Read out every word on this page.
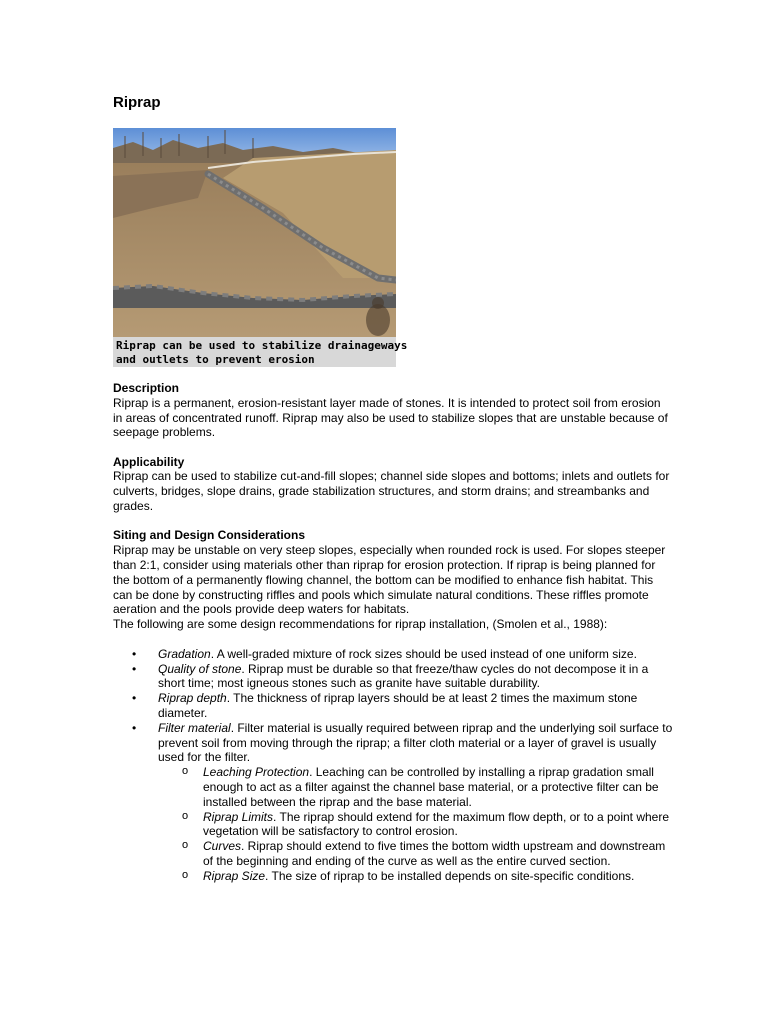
Riprap
Riprap can be used to stabilize drainageways
and outlets to prevent erosion
Description

Riprap is a permanent, erosion-resistant layer made of stones. It is intended to protect soil from erosion in areas of concentrated runoff. Riprap may also be used to stabilize slopes that are unstable because of seepage problems.

Applicability

Riprap can be used to stabilize cut-and-fill slopes; channel side slopes and bottoms; inlets and outlets for culverts, bridges, slope drains, grade stabilization structures, and storm drains; and streambanks and grades.

Siting and Design Considerations

Riprap may be unstable on very steep slopes, especially when rounded rock is used. For slopes steeper than 2:1, consider using materials other than riprap for erosion protection. If riprap is being planned for the bottom of a permanently flowing channel, the bottom can be modified to enhance fish habitat. This can be done by constructing riffles and pools which simulate natural conditions. These riffles promote aeration and the pools provide deep waters for habitats.

The following are some design recommendations for riprap installation, (Smolen et al., 1988):

• Gradation. A well-graded mixture of rock sizes should be used instead of one uniform size.
• Quality of stone. Riprap must be durable so that freeze/thaw cycles do not decompose it in a short time; most igneous stones such as granite have suitable durability.
• Riprap depth. The thickness of riprap layers should be at least 2 times the maximum stone diameter.
• Filter material. Filter material is usually required between riprap and the underlying soil surface to prevent soil from moving through the riprap; a filter cloth material or a layer of gravel is usually used for the filter.
o Leaching Protection. Leaching can be controlled by installing a riprap gradation small enough to act as a filter against the channel base material, or a protective filter can be installed between the riprap and the base material.
o Riprap Limits. The riprap should extend for the maximum flow depth, or to a point where vegetation will be satisfactory to control erosion.
o Curves. Riprap should extend to five times the bottom width upstream and downstream of the beginning and ending of the curve as well as the entire curved section.
o Riprap Size. The size of riprap to be installed depends on site-specific conditions.
